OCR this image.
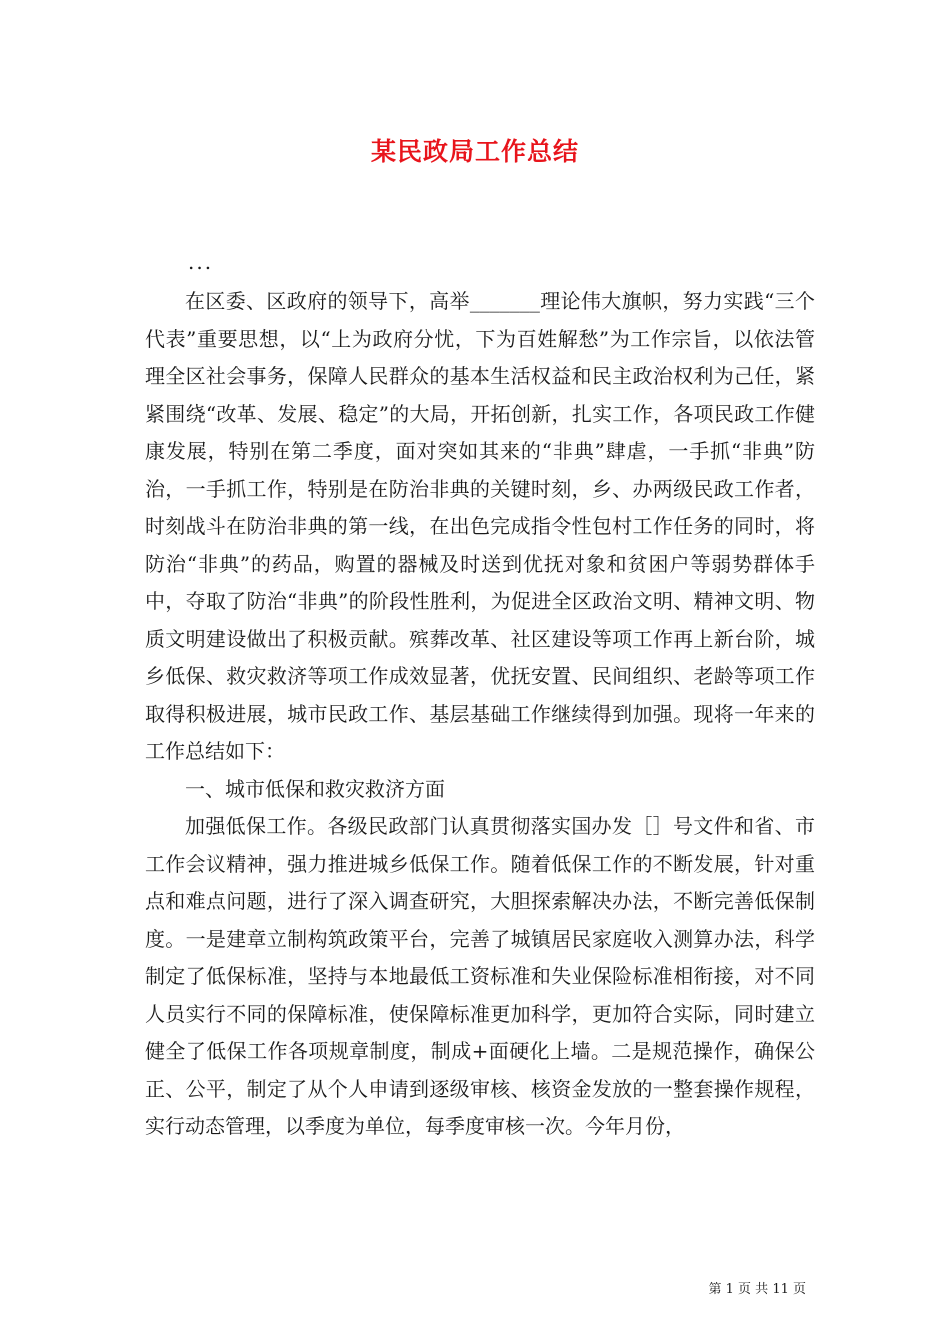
某民政局工作总结
...

在区委、区政府的领导下，高举_______理论伟大旗帜，努力实践“三个代表”重要思想，以“上为政府分忧，下为百姓解愁”为工作宗旨，以依法管理全区社会事务，保障人民群众的基本生活权益和民主政治权利为己任，紧紧围绕“改革、发展、稳定”的大局，开拓创新，扎实工作，各项民政工作健康发展，特别在第二季度，面对突如其来的“非典”肆虐，一手抓“非典”防治，一手抓工作，特别是在防治非典的关键时刻，乡、办两级民政工作者，时刻战斗在防治非典的第一线，在出色完成指令性包村工作任务的同时，将防治“非典”的药品，购置的器械及时送到优抚对象和贫困户等弱势群体手中，夺取了防治“非典”的阶段性胜利，为促进全区政治文明、精神文明、物质文明建设做出了积极贡献。殡葬改革、社区建设等项工作再上新台阶，城乡低保、救灾救济等项工作成效显著，优抚安置、民间组织、老龄等项工作取得积极进展，城市民政工作、基层基础工作继续得到加强。现将一年来的工作总结如下：

一、城市低保和救灾救济方面

加强低保工作。各级民政部门认真贯彻落实国办发［］号文件和省、市工作会议精神，强力推进城乡低保工作。随着低保工作的不断发展，针对重点和难点问题，进行了深入调查研究，大胆探索解决办法，不断完善低保制度。一是建章立制构筑政策平台，完善了城镇居民家庭收入测算办法，科学制定了低保标准，坚持与本地最低工资标准和失业保险标准相衔接，对不同人员实行不同的保障标准，使保障标准更加科学，更加符合实际，同时建立健全了低保工作各项规章制度，制成+面硬化上墙。二是规范操作，确保公正、公平，制定了从个人申请到逐级审核、核资金发放的一整套操作规程，实行动态管理，以季度为单位，每季度审核一次。今年月份，

第 1 页 共 11 页
